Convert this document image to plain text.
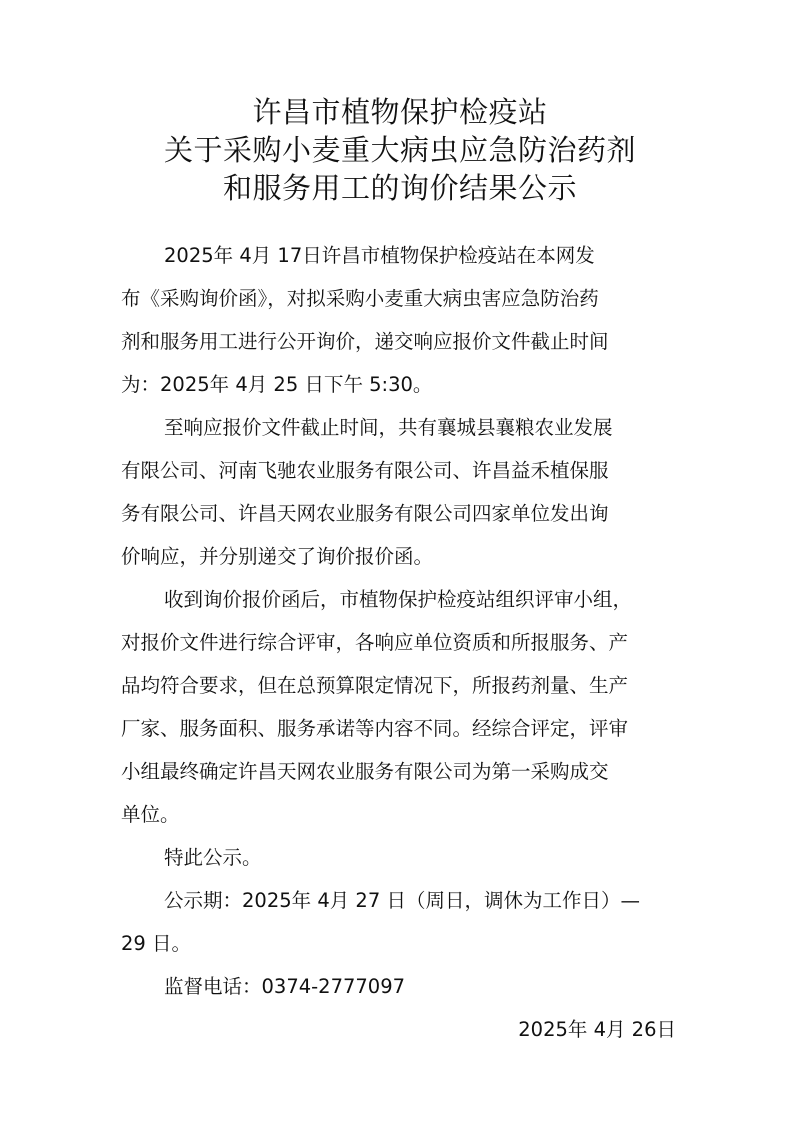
许昌市植物保护检疫站
关于采购小麦重大病虫应急防治药剂
和服务用工的询价结果公示
2025年 4月 17日许昌市植物保护检疫站在本网发
布《采购询价函》，对拟采购小麦重大病虫害应急防治药
剂和服务用工进行公开询价，递交响应报价文件截止时间
为：2025年 4月 25 日下午 5:30。
至响应报价文件截止时间，共有襄城县襄粮农业发展
有限公司、河南飞驰农业服务有限公司、许昌益禾植保服
务有限公司、许昌天网农业服务有限公司四家单位发出询
价响应，并分别递交了询价报价函。
收到询价报价函后，市植物保护检疫站组织评审小组，
对报价文件进行综合评审，各响应单位资质和所报服务、产
品均符合要求，但在总预算限定情况下，所报药剂量、生产
厂家、服务面积、服务承诺等内容不同。经综合评定，评审
小组最终确定许昌天网农业服务有限公司为第一采购成交
单位。
特此公示。
公示期：2025年 4月 27 日（周日，调休为工作日）—
29 日。
监督电话：0374-2777097
2025年 4月 26日
